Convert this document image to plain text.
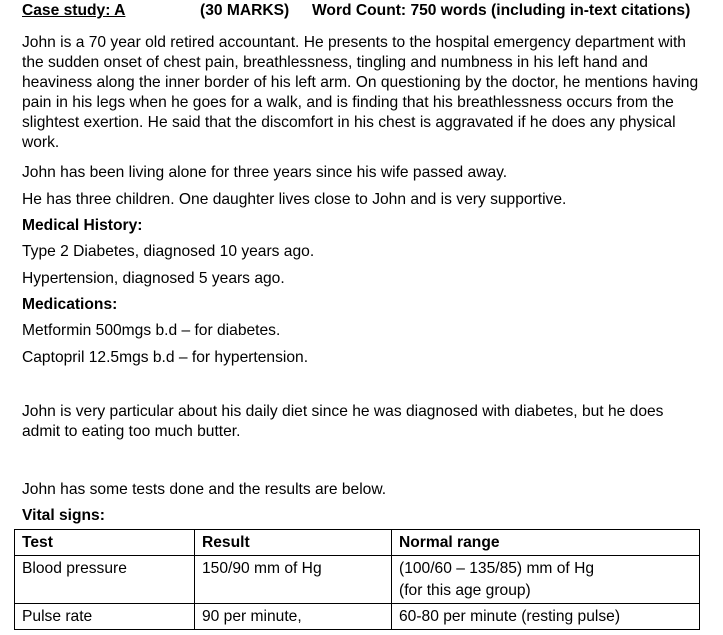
Case study: A	(30 MARKS) Word Count: 750 words (including in-text citations)
John is a 70 year old retired accountant. He presents to the hospital emergency department with
the sudden onset of chest pain, breathlessness, tingling and numbness in his left hand and
heaviness along the inner border of his left arm. On questioning by the doctor, he mentions having
pain in his legs when he goes for a walk, and is finding that his breathlessness occurs from the
slightest exertion. He said that the discomfort in his chest is aggravated if he does any physical
work.
John has been living alone for three years since his wife passed away.
He has three children. One daughter lives close to John and is very supportive.
Medical History:
Type 2 Diabetes, diagnosed 10 years ago.
Hypertension, diagnosed 5 years ago.
Medications:
Metformin 500mgs b.d – for diabetes.
Captopril 12.5mgs b.d – for hypertension.
John is very particular about his daily diet since he was diagnosed with diabetes, but he does
admit to eating too much butter.
John has some tests done and the results are below.
Vital signs:
Test	Result	Normal range
Blood pressure	150/90 mm of Hg	(100/60 – 135/85) mm of Hg
(for this age group)

Pulse rate	90 per minute,	60-80 per minute (resting pulse)
